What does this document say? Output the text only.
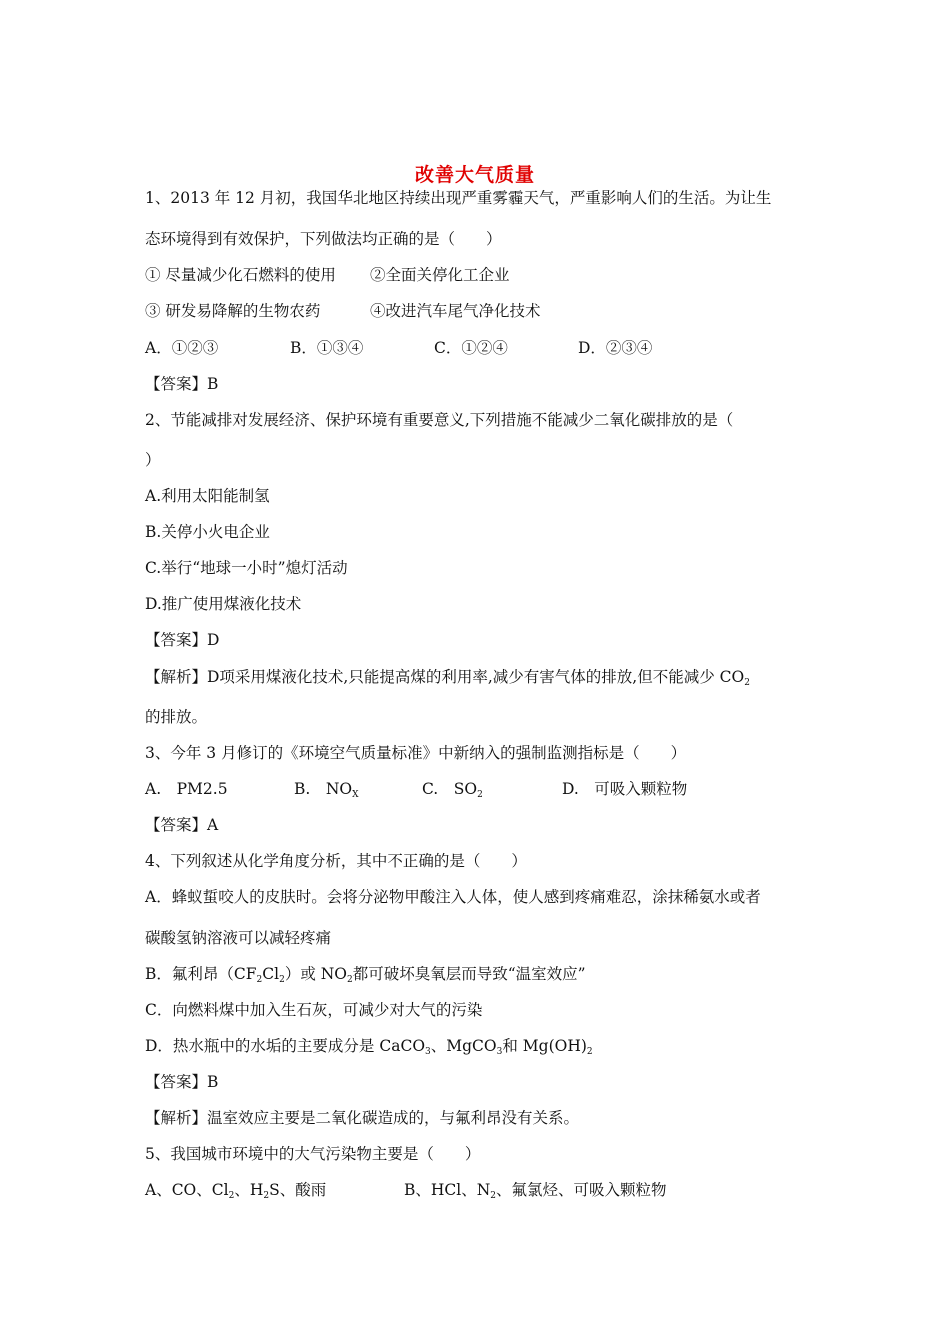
改善大气质量
1、2013 年 12 月初，我国华北地区持续出现严重雾霾天气，严重影响人们的生活。为让生
态环境得到有效保护，下列做法均正确的是（　　）
① 尽量减少化石燃料的使用 ②全面关停化工企业
③ 研发易降解的生物农药	④改进汽车尾气净化技术
A．①②③	B．①③④	C．①②④	D．②③④
【答案】B
2、节能减排对发展经济、保护环境有重要意义,下列措施不能减少二氧化碳排放的是（
）
A.利用太阳能制氢
B.关停小火电企业
C.举行“地球一小时”熄灯活动
D.推广使用煤液化技术
【答案】D
【解析】D项采用煤液化技术,只能提高煤的利用率,减少有害气体的排放,但不能减少 $CO_2$
的排放。
3、今年 3 月修订的《环境空气质量标准》中新纳入的强制监测指标是（　　）
A.　PM2.5	B.　$NO_X$	C.　$SO_2$	D.　可吸入颗粒物
【答案】A
4、下列叙述从化学角度分析，其中不正确的是（　　）
A．蜂蚁蜇咬人的皮肤时。会将分泌物甲酸注入人体，使人感到疼痛难忍，涂抹稀氨水或者
碳酸氢钠溶液可以减轻疼痛
B．氟利昂$(CF_2Cl_2)$或 $NO_2$都可破坏臭氧层而导致“温室效应”
C．向燃料煤中加入生石灰，可减少对大气的污染
D．热水瓶中的水垢的主要成分是 CaCO$_3$、MgCO$_3$和 $Mg(OH)_2$
【答案】B
【解析】温室效应主要是二氧化碳造成的，与氟利昂没有关系。
5、我国城市环境中的大气污染物主要是（　　）
A、CO、$Cl_2$、$H_2S$、酸雨	B、HCl、$N_2$、氟氯烃、可吸入颗粒物
